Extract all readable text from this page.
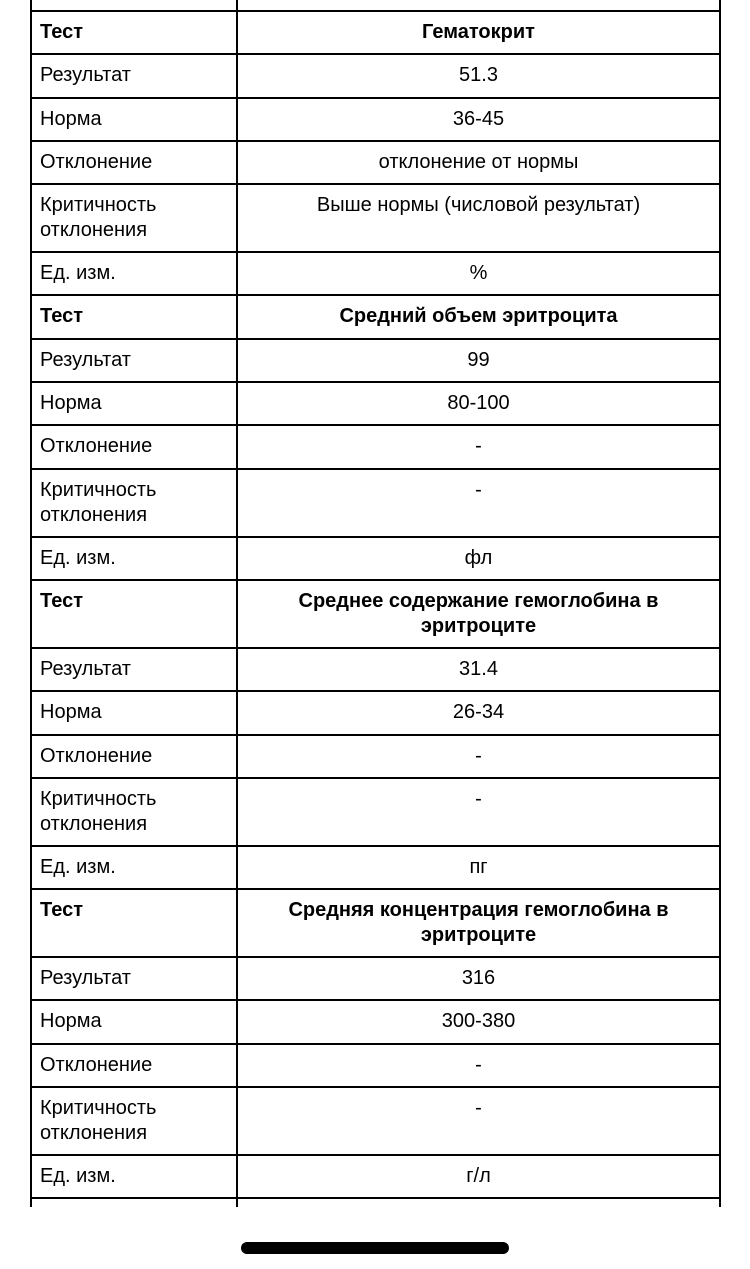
Тест	Гематокрит
Результат	51.3
Норма	36-45
Отклонение	отклонение от нормы
Критичность отклонения	Выше нормы (числовой результат)
Ед. изм.	%
Тест	Средний объем эритроцита
Результат	99
Норма	80-100
Отклонение	-
Критичность отклонения	-
Ед. изм.	фл
Тест	Среднее содержание гемоглобина в эритроците
Результат	31.4
Норма	26-34
Отклонение	-
Критичность отклонения	-
Ед. изм.	пг
Тест	Средняя концентрация гемоглобина в эритроците
Результат	316
Норма	300-380
Отклонение	-
Критичность отклонения	-
Ед. изм.	г/л
